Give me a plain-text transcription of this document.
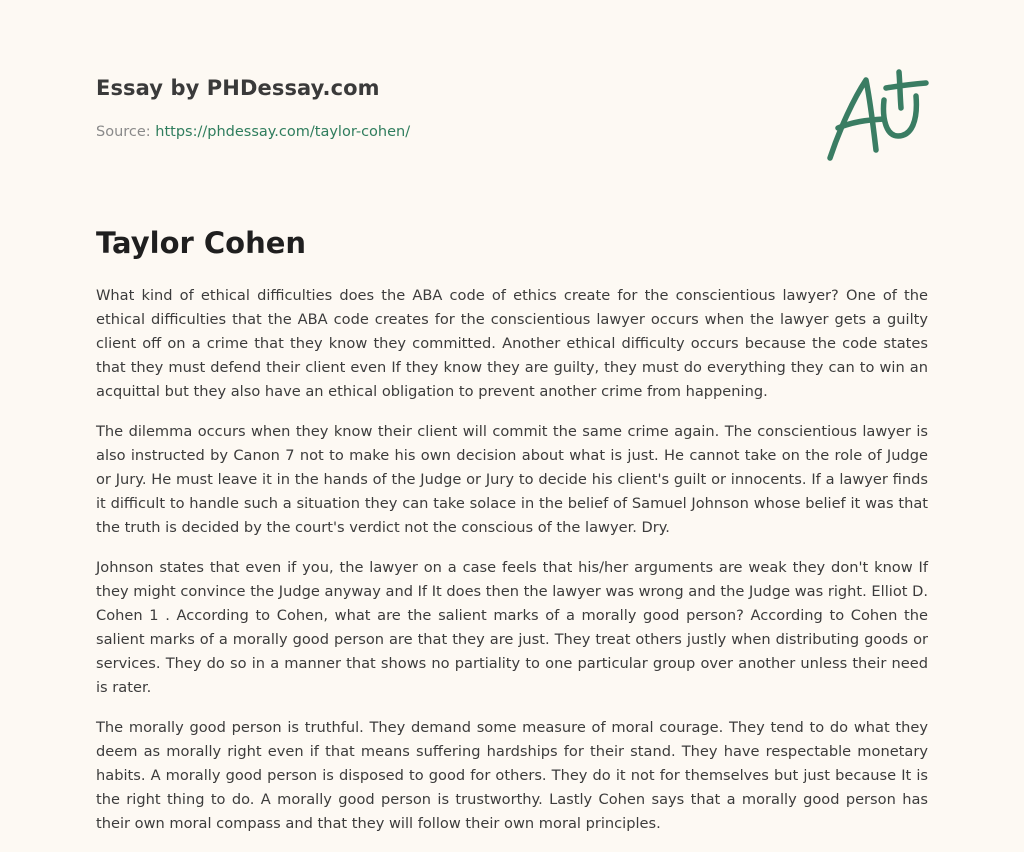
Essay by PHDessay.com
Source: https://phdessay.com/taylor-cohen/
Taylor Cohen

What kind of ethical difficulties does the ABA code of ethics create for the conscientious lawyer? One of the ethical difficulties that the ABA code creates for the conscientious lawyer occurs when the lawyer gets a guilty client off on a crime that they know they committed. Another ethical difficulty occurs because the code states that they must defend their client even If they know they are guilty, they must do everything they can to win an acquittal but they also have an ethical obligation to prevent another crime from happening.

The dilemma occurs when they know their client will commit the same crime again. The conscientious lawyer is also instructed by Canon 7 not to make his own decision about what is just. He cannot take on the role of Judge or Jury. He must leave it in the hands of the Judge or Jury to decide his client's guilt or innocents. If a lawyer finds it difficult to handle such a situation they can take solace in the belief of Samuel Johnson whose belief it was that the truth is decided by the court's verdict not the conscious of the lawyer. Dry.

Johnson states that even if you, the lawyer on a case feels that his/her arguments are weak they don't know If they might convince the Judge anyway and If It does then the lawyer was wrong and the Judge was right. Elliot D. Cohen 1 . According to Cohen, what are the salient marks of a morally good person? According to Cohen the salient marks of a morally good person are that they are just. They treat others justly when distributing goods or services. They do so in a manner that shows no partiality to one particular group over another unless their need is rater.

The morally good person is truthful. They demand some measure of moral courage. They tend to do what they deem as morally right even if that means suffering hardships for their stand. They have respectable monetary habits. A morally good person is disposed to good for others. They do it not for themselves but just because It is the right thing to do. A morally good person is trustworthy. Lastly Cohen says that a morally good person has their own moral compass and that they will follow their own moral principles.
